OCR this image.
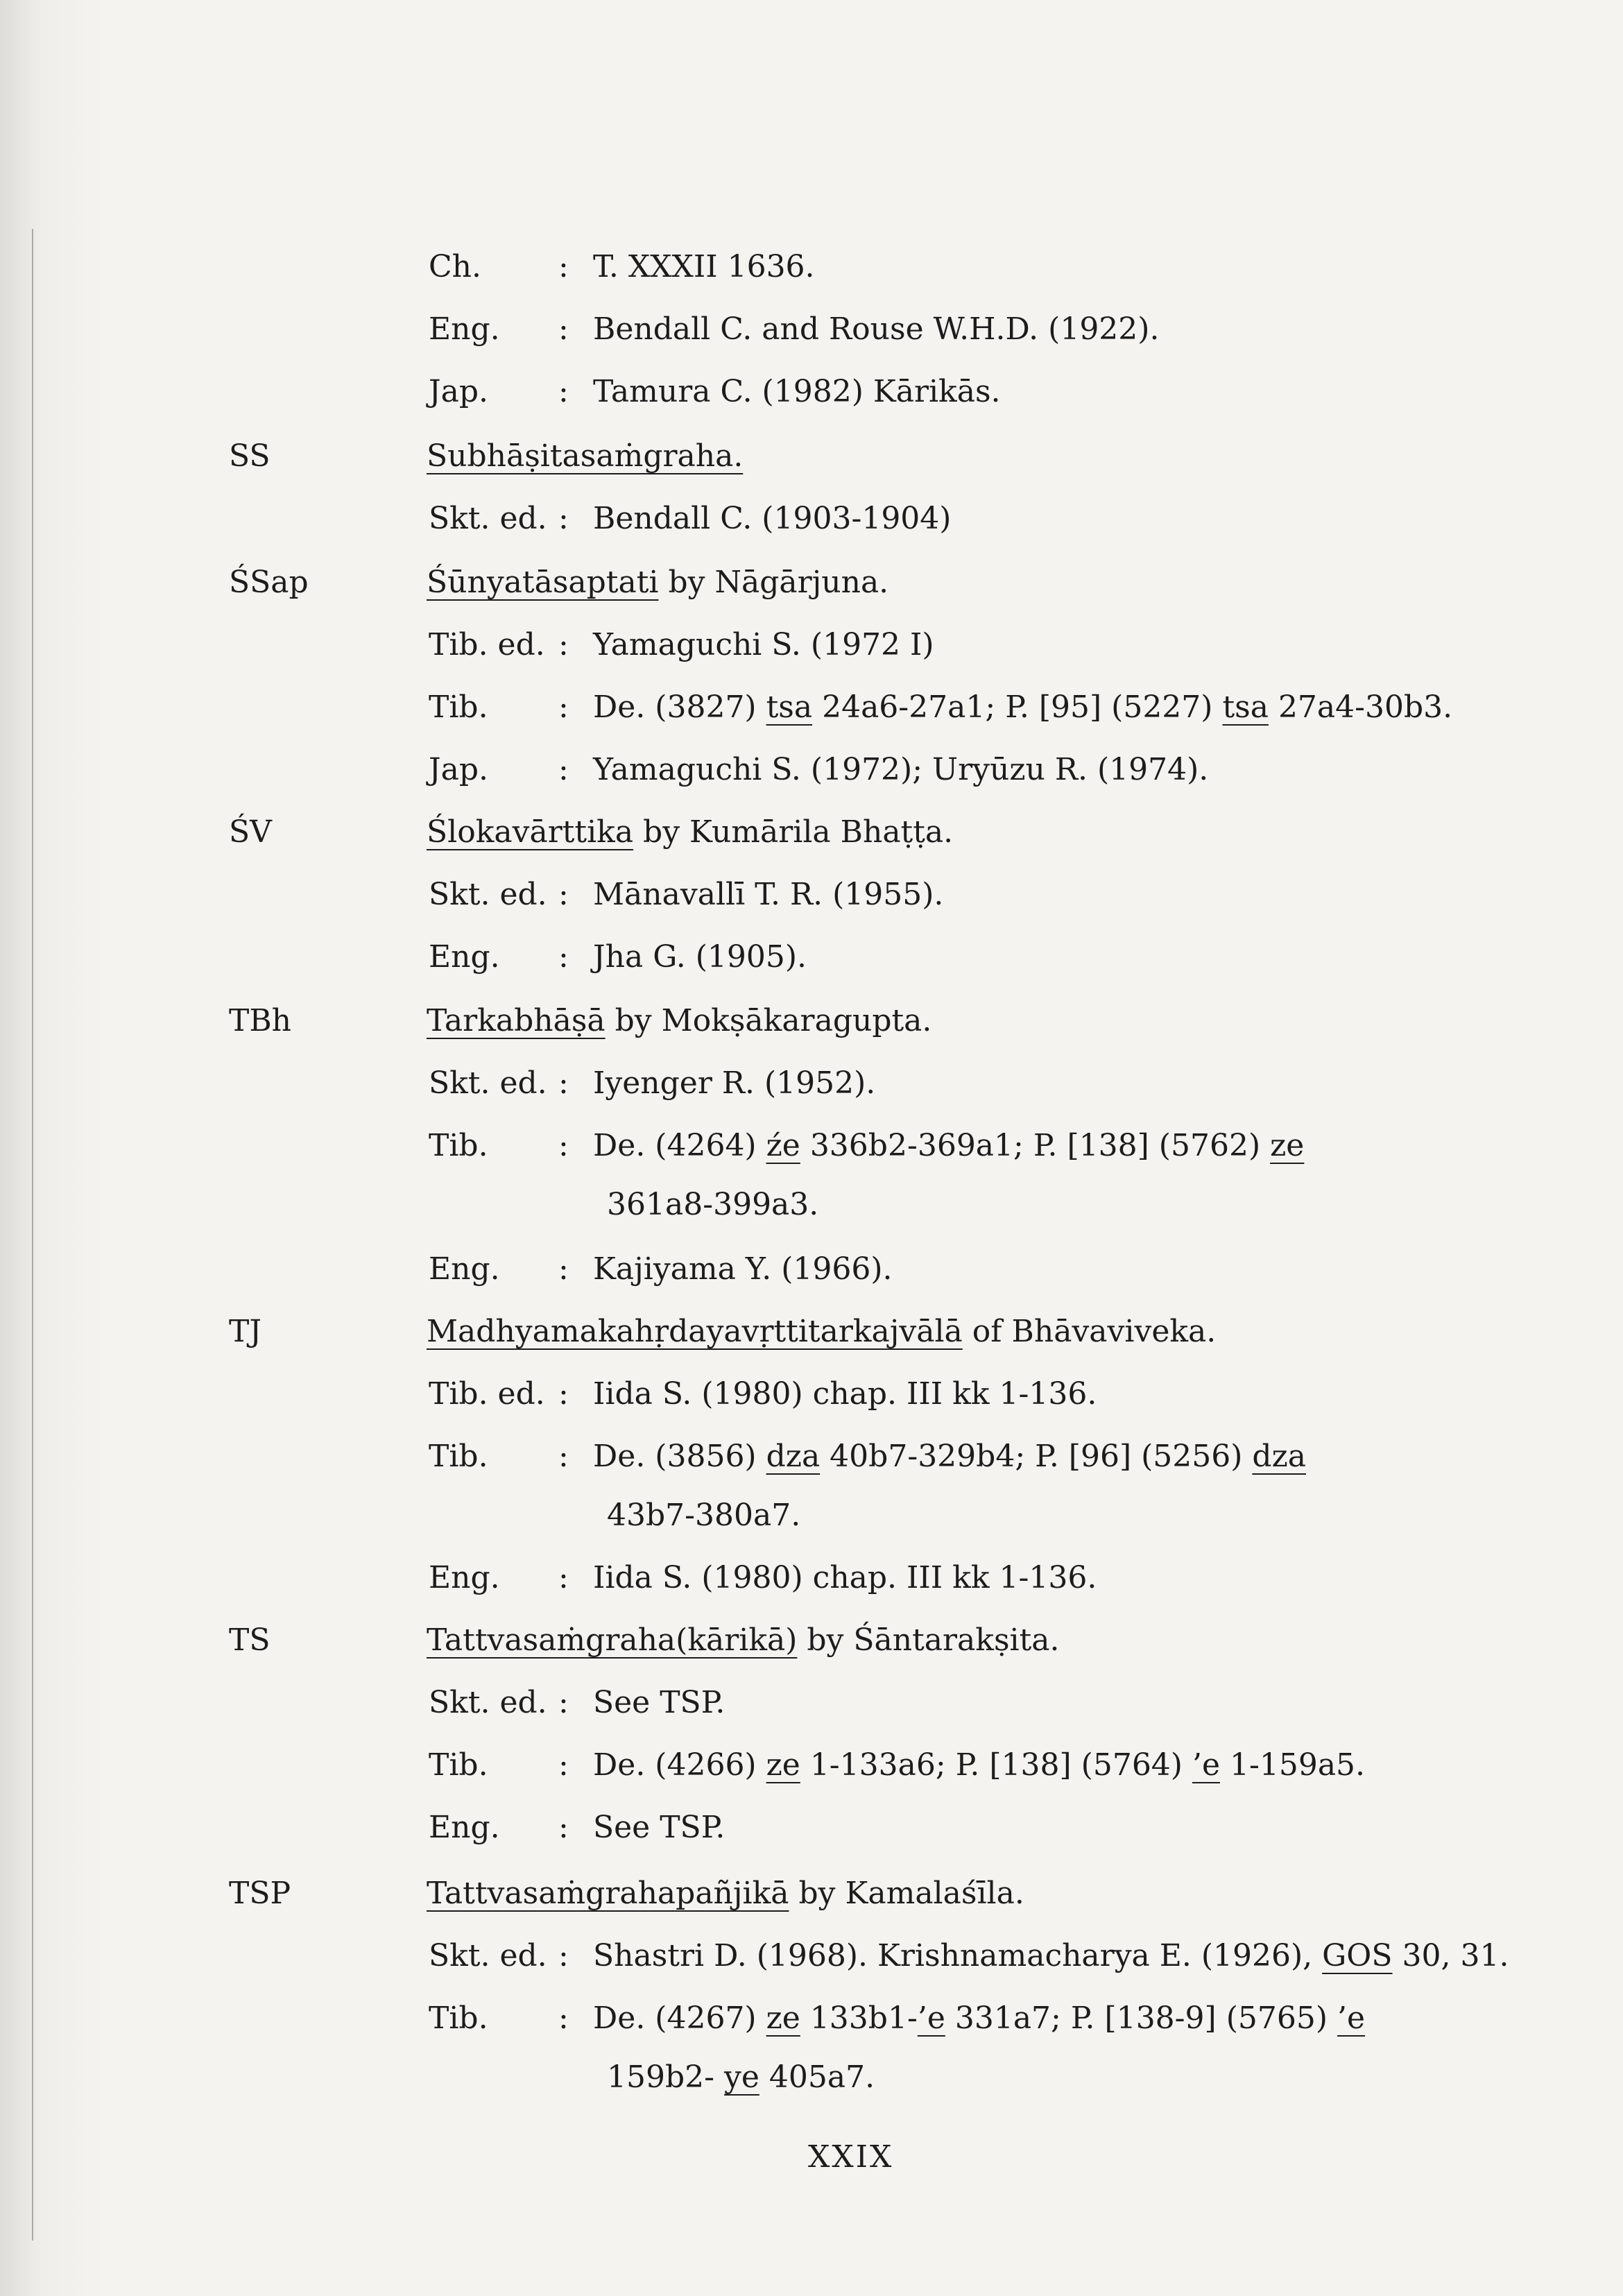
Ch.	: T. XXXII 1636.
Eng.	: Bendall C. and Rouse W.H.D. (1922).
Jap.	: Tamura C. (1982) Kārikās.
SS	Subhāṣitasaṁgraha.
Skt. ed. : Bendall C. (1903-1904)
ŚSap	Śūnyatāsaptati by Nāgārjuna.
Tib. ed. : Yamaguchi S. (1972 I)
Tib.	: De. (3827) tsa 24a6-27a1; P. [95] (5227) tsa 27a4-30b3.
Jap.	: Yamaguchi S. (1972); Uryūzu R. (1974).
ŚV	Ślokavārttika by Kumārila Bhaṭṭa.
Skt. ed. : Mānavallī T. R. (1955).
Eng.	: Jha G. (1905).
TBh	Tarkabhāṣā by Mokṣākaragupta.
Skt. ed. : Iyenger R. (1952).
Tib.	: De. (4264) źe 336b2-369a1; P. [138] (5762) ze
361a8-399a3.
Eng.	: Kajiyama Y. (1966).
TJ	Madhyamakahṛdayavṛttitarkajvālā of Bhāvaviveka.
Tib. ed. : Iida S. (1980) chap. III kk 1-136.
Tib.	: De. (3856) dza 40b7-329b4; P. [96] (5256) dza
43b7-380a7.
Eng.	: Iida S. (1980) chap. III kk 1-136.
TS	Tattvasaṁgraha(kārikā) by Śāntarakṣita.
Skt. ed. : See TSP.
Tib.	: De. (4266) ze 1-133a6; P. [138] (5764) ’e 1-159a5.
Eng.	: See TSP.
TSP	Tattvasaṁgrahapañjikā by Kamalaśīla.
Skt. ed. : Shastri D. (1968). Krishnamacharya E. (1926), GOS 30, 31.
Tib.	: De. (4267) ze 133b1-’e 331a7; P. [138-9] (5765) ’e
159b2- ye 405a7.
XXIX
